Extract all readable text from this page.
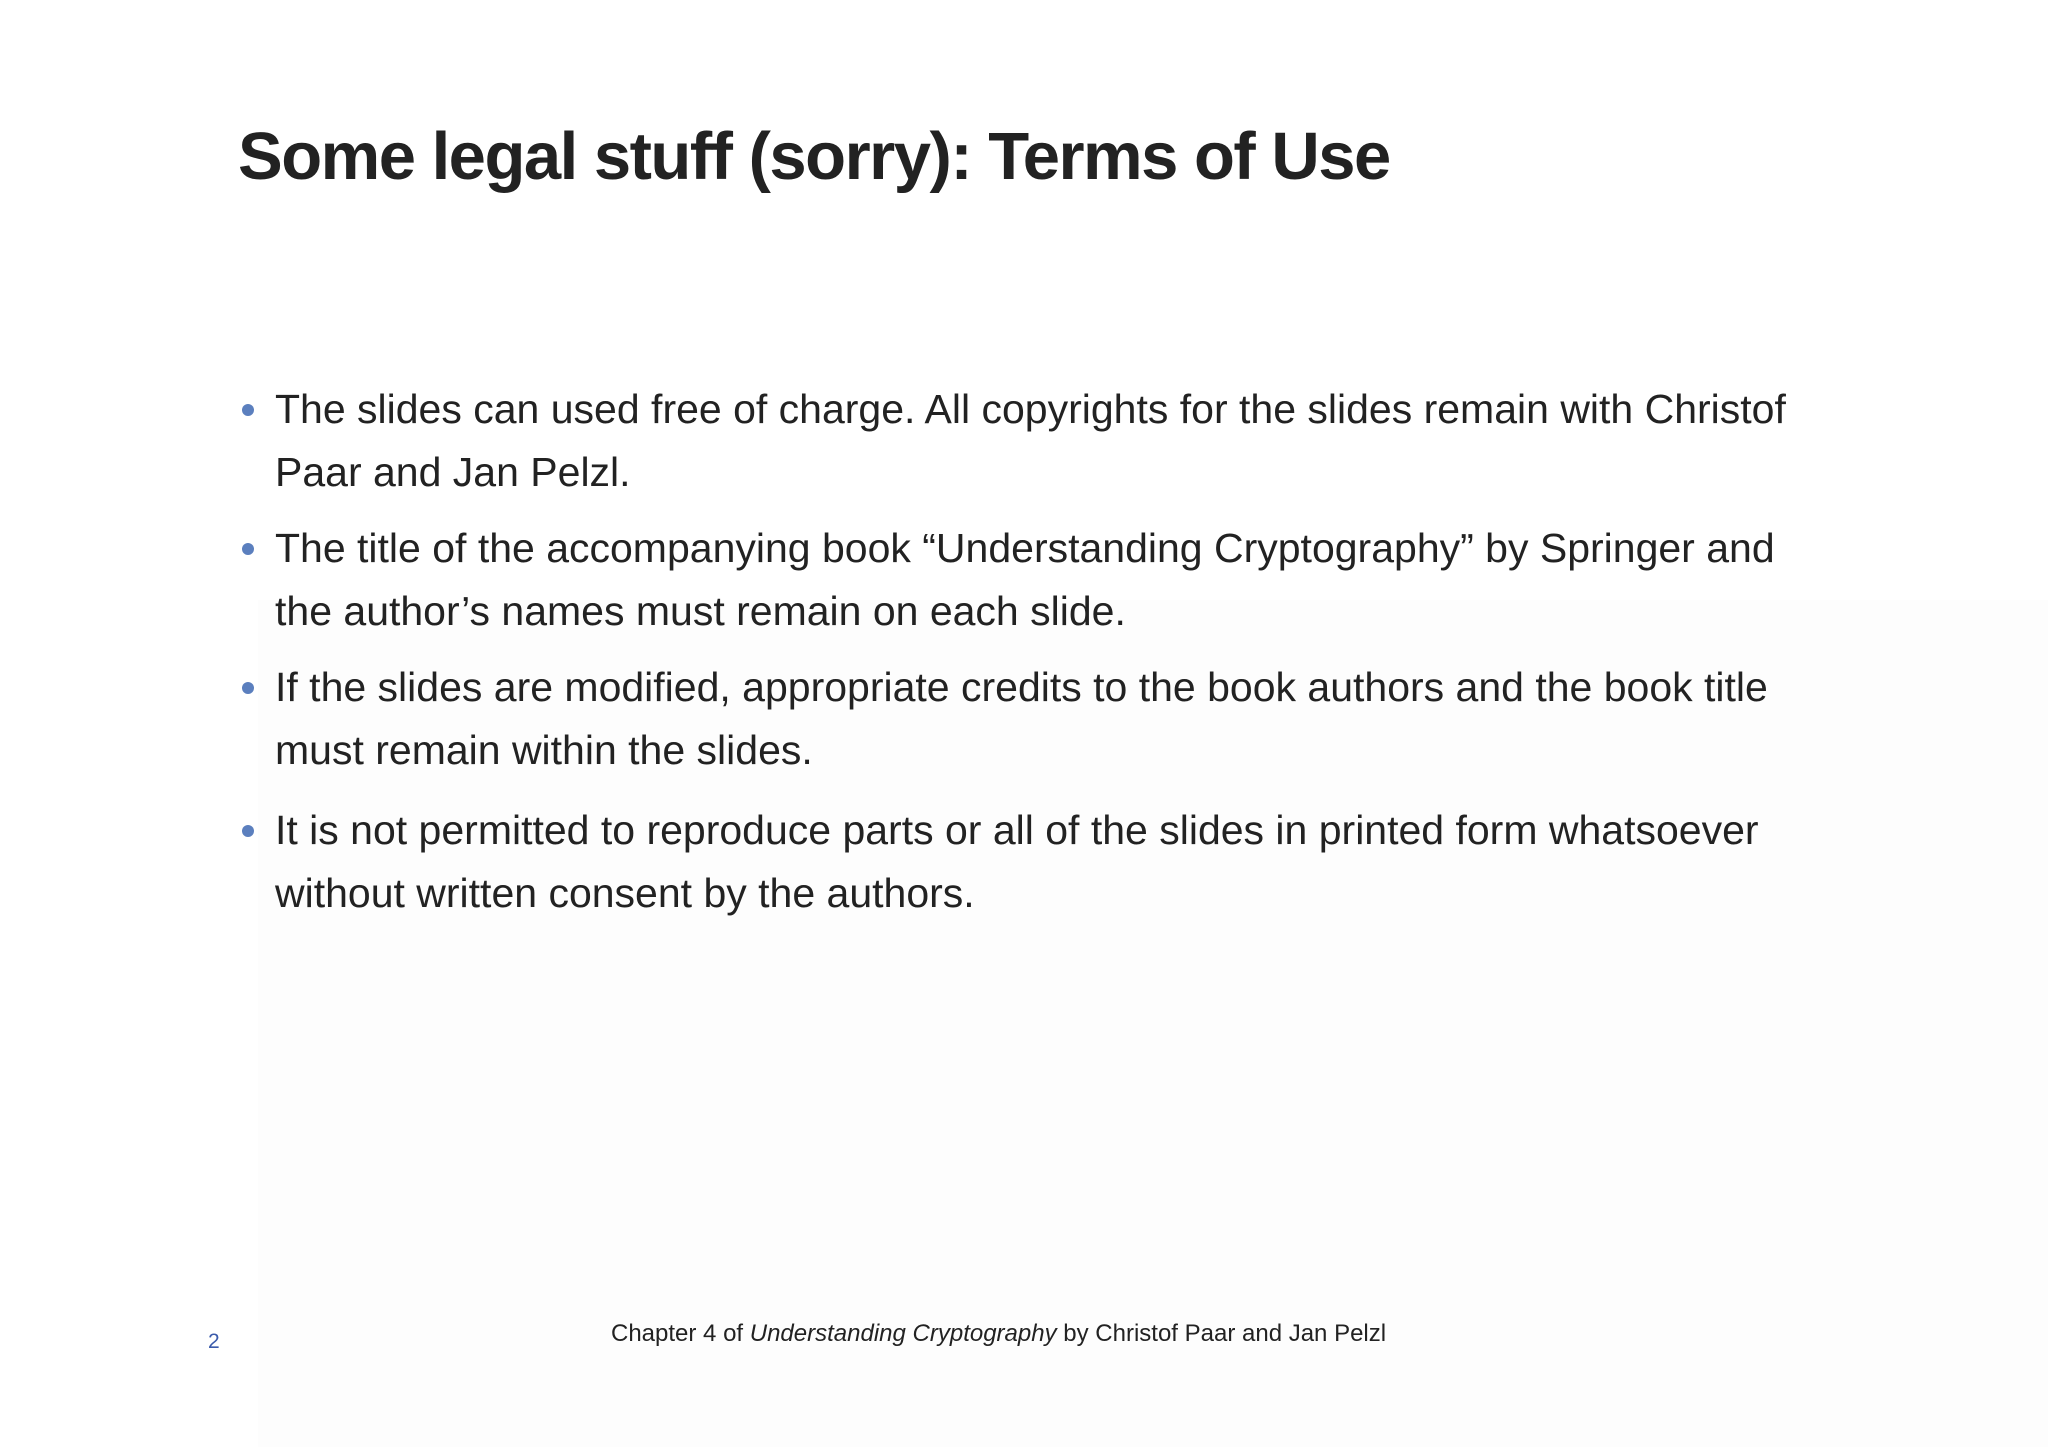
Some legal stuff (sorry): Terms of Use
The slides can used free of charge. All copyrights for the slides remain with Christof Paar and Jan Pelzl.
The title of the accompanying book “Understanding Cryptography” by Springer and the author’s names must remain on each slide.
If the slides are modified, appropriate credits to the book authors and the book title must remain within the slides.
It is not permitted to reproduce parts or all of the slides in printed form whatsoever without written consent by the authors.
2	Chapter 4 of Understanding Cryptography by Christof Paar and Jan Pelzl
